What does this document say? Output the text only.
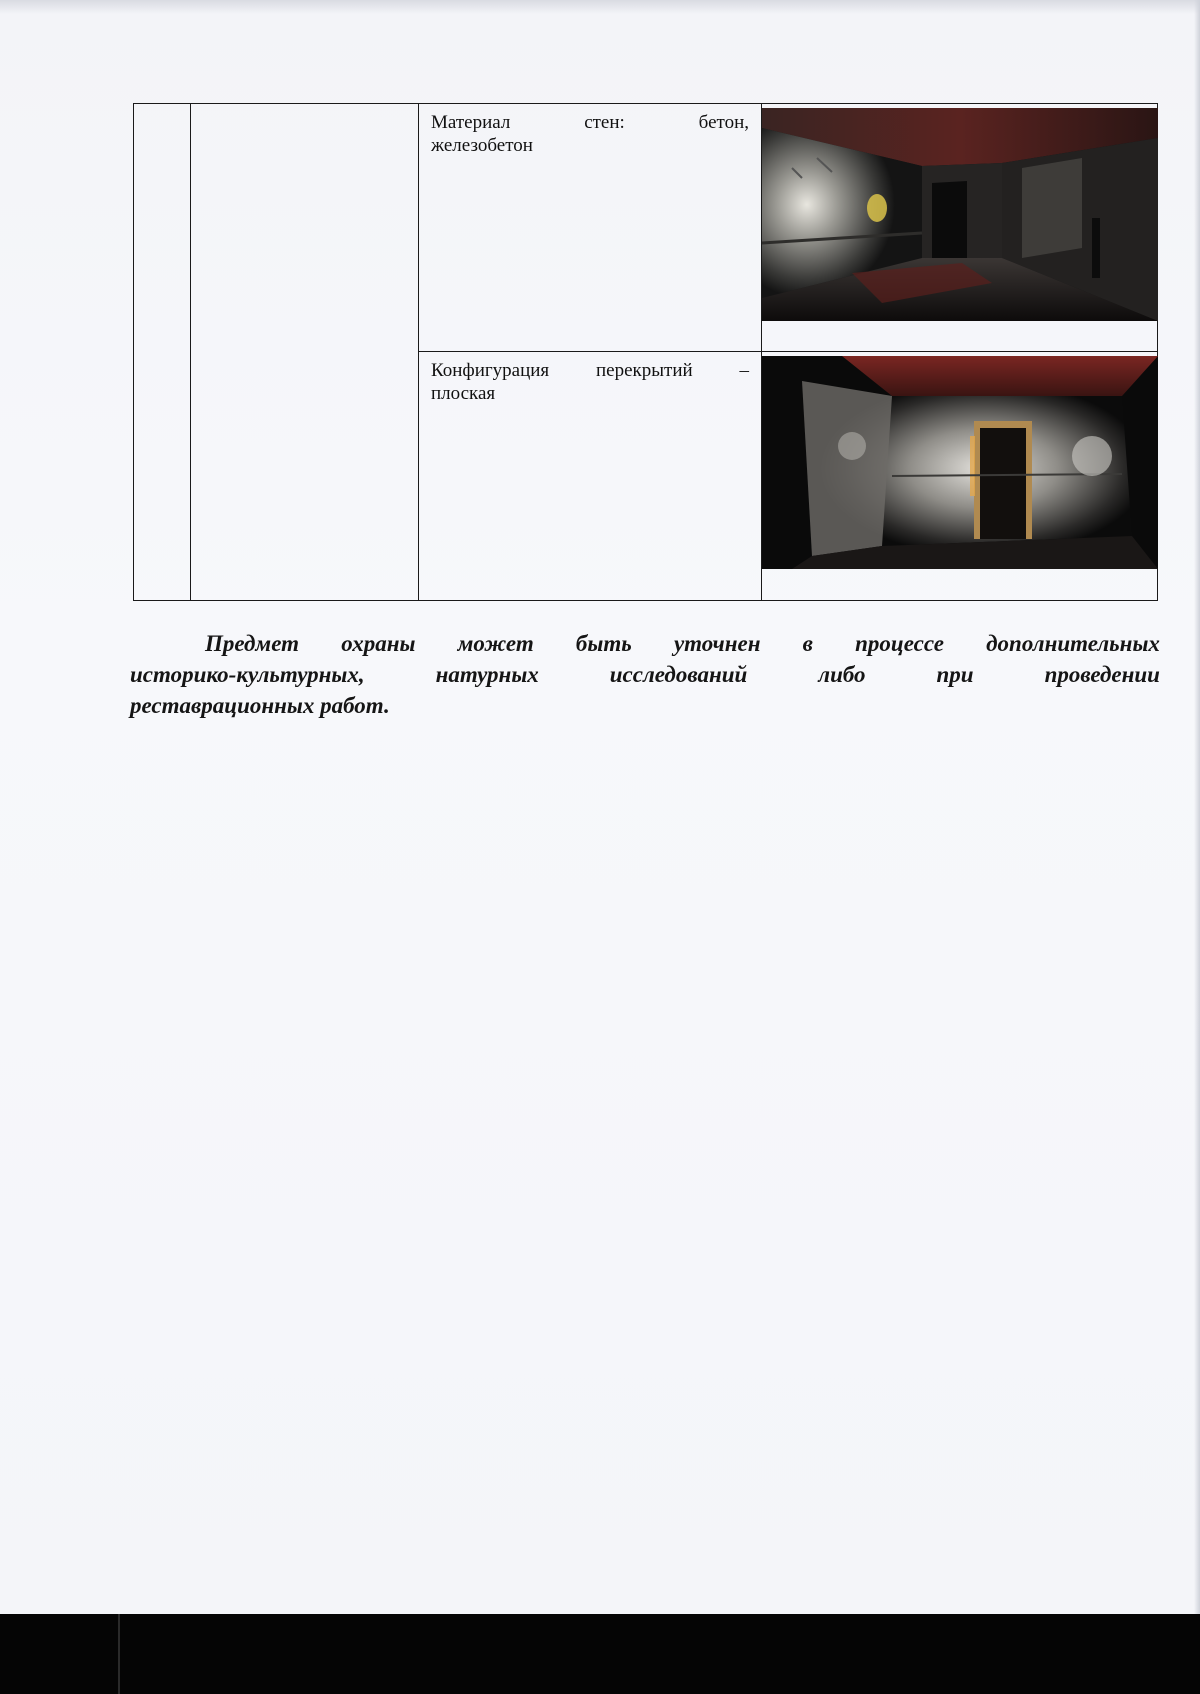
		Материал стен: бетон,
железобетон

		Конфигурация перекрытий –
плоская

Предмет охраны может быть уточнен в процессе дополнительных
историко-культурных,	натурных	исследований	либо	при	проведении
реставрационных работ.
